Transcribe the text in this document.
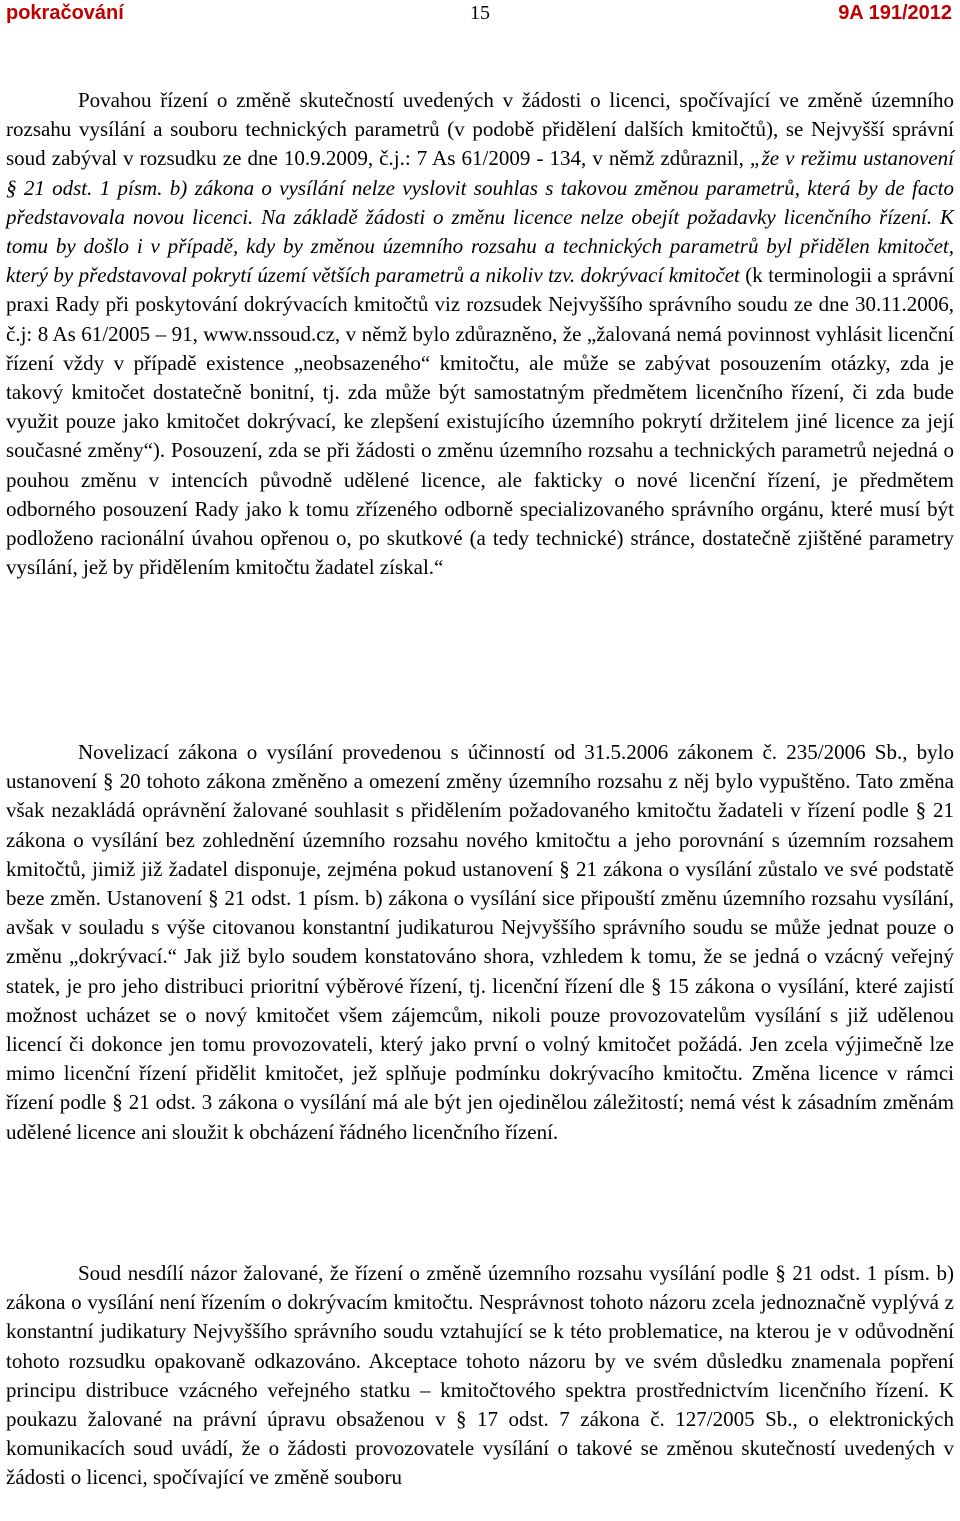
pokračování	15	9A 191/2012

Povahou řízení o změně skutečností uvedených v žádosti o licenci, spočívající ve změně územního rozsahu vysílání a souboru technických parametrů (v podobě přidělení dalších kmitočtů), se Nejvyšší správní soud zabýval v rozsudku ze dne 10.9.2009, č.j.: 7 As 61/2009 - 134, v němž zdůraznil, „že v režimu ustanovení § 21 odst. 1 písm. b) zákona o vysílání nelze vyslovit souhlas s takovou změnou parametrů, která by de facto představovala novou licenci. Na základě žádosti o změnu licence nelze obejít požadavky licenčního řízení. K tomu by došlo i v případě, kdy by změnou územního rozsahu a technických parametrů byl přidělen kmitočet, který by představoval pokrytí území větších parametrů a nikoliv tzv. dokrývací kmitočet (k terminologii a správní praxi Rady při poskytování dokrývacích kmitočtů viz rozsudek Nejvyššího správního soudu ze dne 30.11.2006, č.j: 8 As 61/2005 – 91, www.nssoud.cz, v němž bylo zdůrazněno, že „žalovaná nemá povinnost vyhlásit licenční řízení vždy v případě existence „neobsazeného“ kmitočtu, ale může se zabývat posouzením otázky, zda je takový kmitočet dostatečně bonitní, tj. zda může být samostatným předmětem licenčního řízení, či zda bude využit pouze jako kmitočet dokrývací, ke zlepšení existujícího územního pokrytí držitelem jiné licence za její současné změny“). Posouzení, zda se při žádosti o změnu územního rozsahu a technických parametrů nejedná o pouhou změnu v intencích původně udělené licence, ale fakticky o nové licenční řízení, je předmětem odborného posouzení Rady jako k tomu zřízeného odborně specializovaného správního orgánu, které musí být podloženo racionální úvahou opřenou o, po skutkové (a tedy technické) stránce, dostatečně zjištěné parametry vysílání, jež by přidělením kmitočtu žadatel získal.“

Novelizací zákona o vysílání provedenou s účinností od 31.5.2006 zákonem č. 235/2006 Sb., bylo ustanovení § 20 tohoto zákona změněno a omezení změny územního rozsahu z něj bylo vypuštěno. Tato změna však nezakládá oprávnění žalované souhlasit s přidělením požadovaného kmitočtu žadateli v řízení podle § 21 zákona o vysílání bez zohlednění územního rozsahu nového kmitočtu a jeho porovnání s územním rozsahem kmitočtů, jimiž již žadatel disponuje, zejména pokud ustanovení § 21 zákona o vysílání zůstalo ve své podstatě beze změn. Ustanovení § 21 odst. 1 písm. b) zákona o vysílání sice připouští změnu územního rozsahu vysílání, avšak v souladu s výše citovanou konstantní judikaturou Nejvyššího správního soudu se může jednat pouze o změnu „dokrývací.“ Jak již bylo soudem konstatováno shora, vzhledem k tomu, že se jedná o vzácný veřejný statek, je pro jeho distribuci prioritní výběrové řízení, tj. licenční řízení dle § 15 zákona o vysílání, které zajistí možnost ucházet se o nový kmitočet všem zájemcům, nikoli pouze provozovatelům vysílání s již udělenou licencí či dokonce jen tomu provozovateli, který jako první o volný kmitočet požádá. Jen zcela výjimečně lze mimo licenční řízení přidělit kmitočet, jež splňuje podmínku dokrývacího kmitočtu. Změna licence v rámci řízení podle § 21 odst. 3 zákona o vysílání má ale být jen ojedinělou záležitostí; nemá vést k zásadním změnám udělené licence ani sloužit k obcházení řádného licenčního řízení.

Soud nesdílí názor žalované, že řízení o změně územního rozsahu vysílání podle § 21 odst. 1 písm. b) zákona o vysílání není řízením o dokrývacím kmitočtu. Nesprávnost tohoto názoru zcela jednoznačně vyplývá z konstantní judikatury Nejvyššího správního soudu vztahující se k této problematice, na kterou je v odůvodnění tohoto rozsudku opakovaně odkazováno. Akceptace tohoto názoru by ve svém důsledku znamenala popření principu distribuce vzácného veřejného statku – kmitočtového spektra prostřednictvím licenčního řízení. K poukazu žalované na právní úpravu obsaženou v § 17 odst. 7 zákona č. 127/2005 Sb., o elektronických komunikacích soud uvádí, že o žádosti provozovatele vysílání o takové se změnou skutečností uvedených v žádosti o licenci, spočívající ve změně souboru
